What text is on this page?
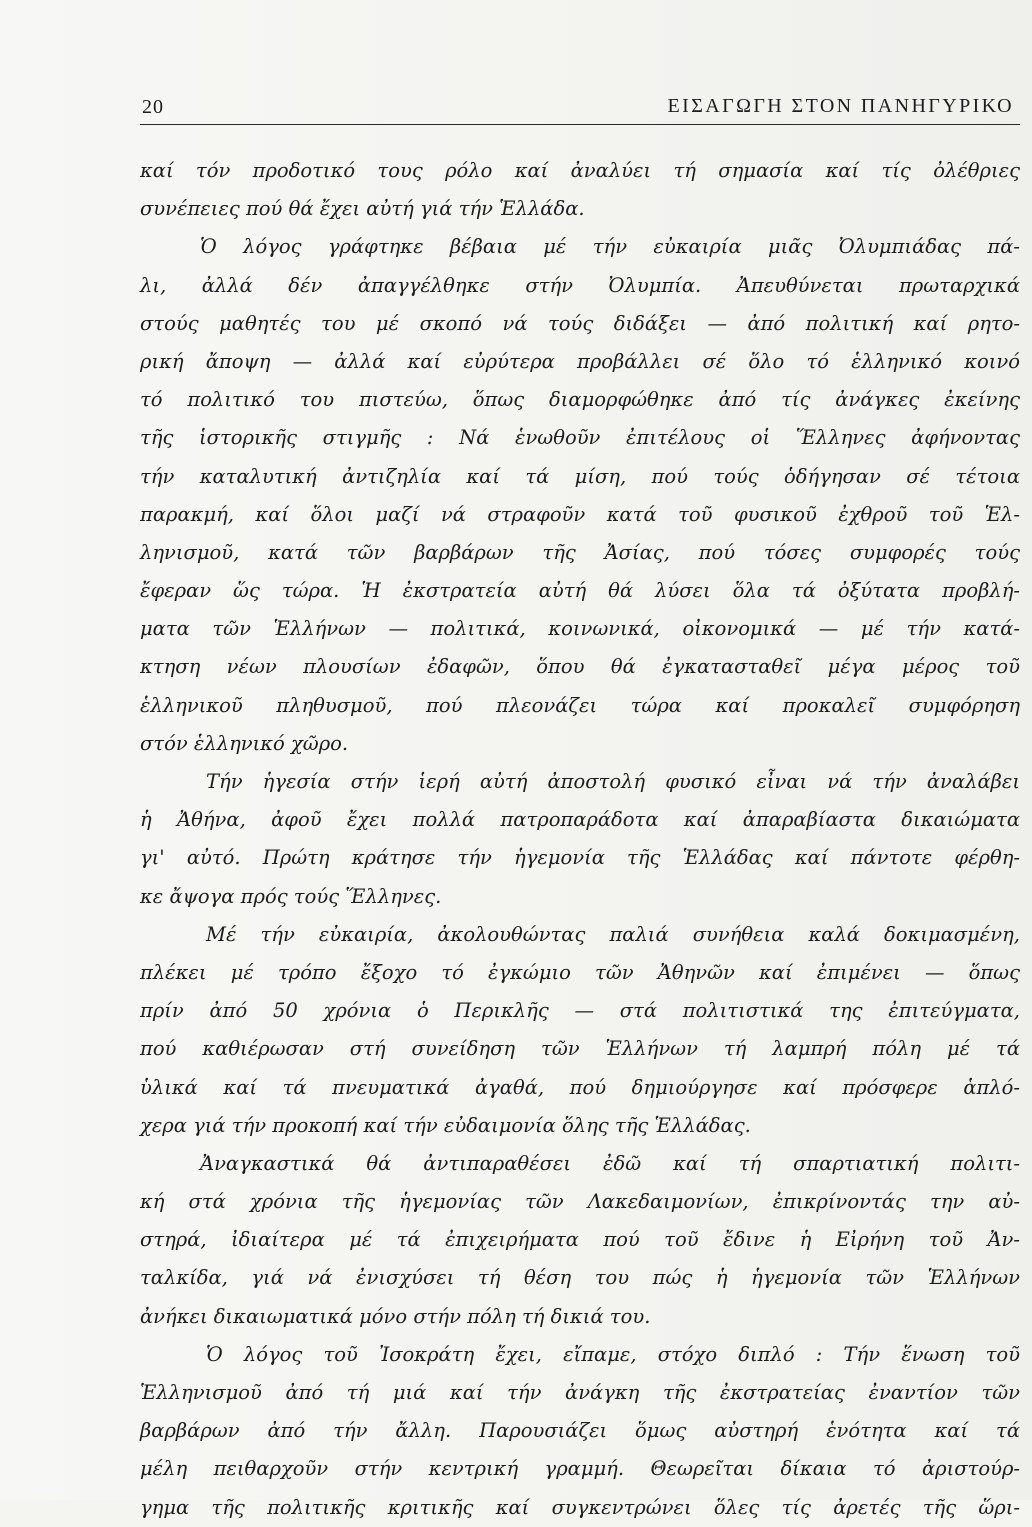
20	ΕΙΣΑΓΩΓΗ ΣΤΟΝ ΠΑΝΗΓΥΡΙΚΟ
καί τόν προδοτικό τους ρόλο καί ἀναλύει τή σημασία καί τίς ὀλέθριες
συνέπειες πού θά ἔχει αὐτή γιά τήν Ἑλλάδα.
Ὁ λόγος γράφτηκε βέβαια μέ τήν εὐκαιρία μιᾶς Ὀλυμπιάδας πά-
λι, ἀλλά δέν ἀπαγγέλθηκε στήν Ὀλυμπία. Ἀπευθύνεται πρωταρχικά
στούς μαθητές του μέ σκοπό νά τούς διδάξει — ἀπό πολιτική καί ρητο-
ρική ἄποψη — ἀλλά καί εὐρύτερα προβάλλει σέ ὅλο τό ἑλληνικό κοινό
τό πολιτικό του πιστεύω, ὅπως διαμορφώθηκε ἀπό τίς ἀνάγκες ἐκείνης
τῆς ἱστορικῆς στιγμῆς : Νά ἑνωθοῦν ἐπιτέλους οἱ Ἕλληνες ἀφήνοντας
τήν καταλυτική ἀντιζηλία καί τά μίση, πού τούς ὁδήγησαν σέ τέτοια
παρακμή, καί ὅλοι μαζί νά στραφοῦν κατά τοῦ φυσικοῦ ἐχθροῦ τοῦ Ἑλ-
ληνισμοῦ, κατά τῶν βαρβάρων τῆς Ἀσίας, πού τόσες συμφορές τούς
ἔφεραν ὥς τώρα. Ἡ ἐκστρατεία αὐτή θά λύσει ὅλα τά ὀξύτατα προβλή-
ματα τῶν Ἑλλήνων — πολιτικά, κοινωνικά, οἰκονομικά — μέ τήν κατά-
κτηση νέων πλουσίων ἐδαφῶν, ὅπου θά ἐγκατασταθεῖ μέγα μέρος τοῦ
ἑλληνικοῦ πληθυσμοῦ, πού πλεονάζει τώρα καί προκαλεῖ συμφόρηση
στόν ἑλληνικό χῶρο.
Τήν ἡγεσία στήν ἱερή αὐτή ἀποστολή φυσικό εἶναι νά τήν ἀναλάβει
ἡ Ἀθήνα, ἀφοῦ ἔχει πολλά πατροπαράδοτα καί ἀπαραβίαστα δικαιώματα
γι' αὐτό. Πρώτη κράτησε τήν ἡγεμονία τῆς Ἑλλάδας καί πάντοτε φέρθη-
κε ἄψογα πρός τούς Ἕλληνες.
Μέ τήν εὐκαιρία, ἀκολουθώντας παλιά συνήθεια καλά δοκιμασμένη,
πλέκει μέ τρόπο ἔξοχο τό ἐγκώμιο τῶν Ἀθηνῶν καί ἐπιμένει — ὅπως
πρίν ἀπό 50 χρόνια ὁ Περικλῆς — στά πολιτιστικά της ἐπιτεύγματα,
πού καθιέρωσαν στή συνείδηση τῶν Ἑλλήνων τή λαμπρή πόλη μέ τά
ὑλικά καί τά πνευματικά ἀγαθά, πού δημιούργησε καί πρόσφερε ἁπλό-
χερα γιά τήν προκοπή καί τήν εὐδαιμονία ὅλης τῆς Ἑλλάδας.
Ἀναγκαστικά θά ἀντιπαραθέσει ἐδῶ καί τή σπαρτιατική πολιτι-
κή στά χρόνια τῆς ἡγεμονίας τῶν Λακεδαιμονίων, ἐπικρίνοντάς την αὐ-
στηρά, ἰδιαίτερα μέ τά ἐπιχειρήματα πού τοῦ ἔδινε ἡ Εἰρήνη τοῦ Ἀν-
ταλκίδα, γιά νά ἐνισχύσει τή θέση του πώς ἡ ἡγεμονία τῶν Ἑλλήνων
ἀνήκει δικαιωματικά μόνο στήν πόλη τή δικιά του.
Ὁ λόγος τοῦ Ἰσοκράτη ἔχει, εἴπαμε, στόχο διπλό : Τήν ἕνωση τοῦ
Ἑλληνισμοῦ ἀπό τή μιά καί τήν ἀνάγκη τῆς ἐκστρατείας ἐναντίον τῶν
βαρβάρων ἀπό τήν ἄλλη. Παρουσιάζει ὅμως αὐστηρή ἑνότητα καί τά
μέλη πειθαρχοῦν στήν κεντρική γραμμή. Θεωρεῖται δίκαια τό ἀριστούρ-
γημα τῆς πολιτικῆς κριτικῆς καί συγκεντρώνει ὅλες τίς ἀρετές τῆς ὥρι-
